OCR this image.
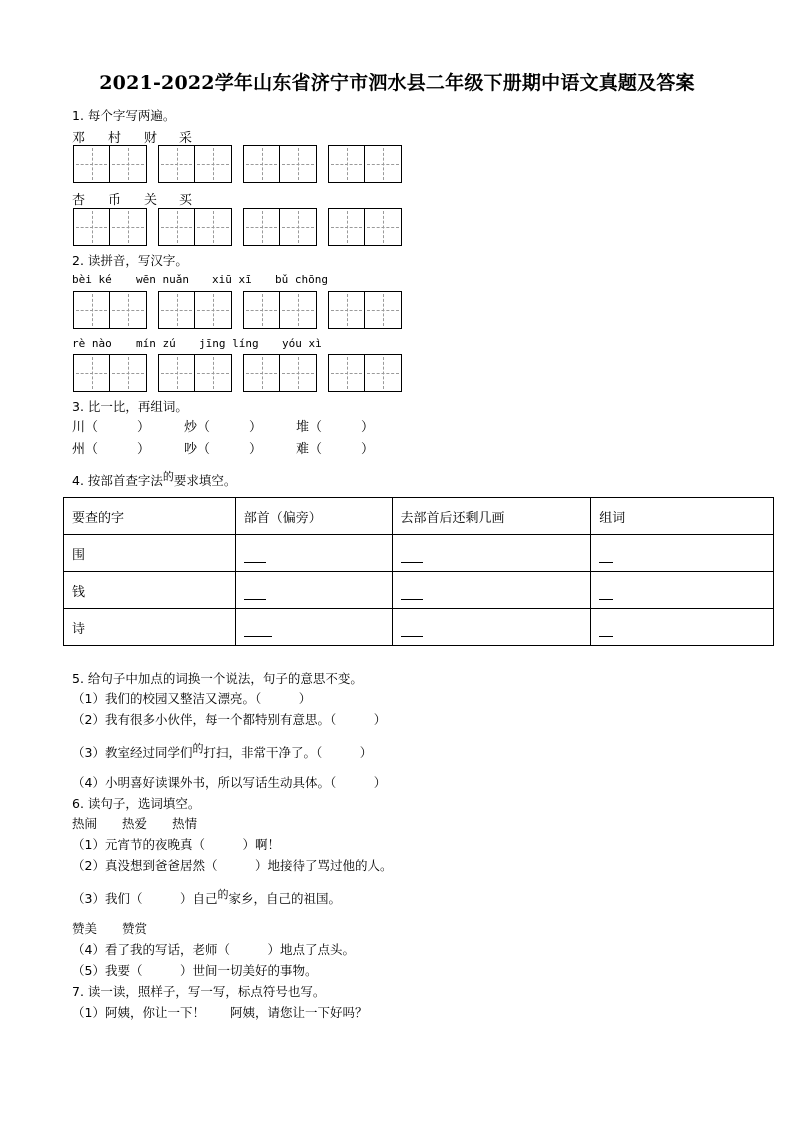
2021-2022学年山东省济宁市泗水县二年级下册期中语文真题及答案
1. 每个字写两遍。
邓	村	财	采
杏	币	关	买
2. 读拼音，写汉字。
bèi ké wēn nuǎn xiū xī bǔ chōng
rè nào mín zú jīng líng yóu xì
3. 比一比，再组词。
川（　　　）	炒（　　　）	堆（　　　）
州（　　　）	吵（　　　）	难（　　　）
4. 按部首查字法的要求填空。
要查的字	部首（偏旁）	去部首后还剩几画	组词
围			
钱			
诗			
5. 给句子中加点的词换一个说法，句子的意思不变。
（1）我们的校园又整洁又漂亮。（　　　）
（2）我有很多小伙伴，每一个都特别有意思。（　　　）
（3）教室经过同学们的打扫，非常干净了。（　　　）
（4）小明喜好读课外书，所以写话生动具体。（　　　）
6. 读句子，选词填空。
热闹　　 热爱　　 热情
（1）元宵节的夜晚真（　　　）啊！
（2）真没想到爸爸居然（　　　）地接待了骂过他的人。
（3）我们（　　　）自己的家乡，自己的祖国。
赞美　　 赞赏
（4）看了我的写话，老师（　　　）地点了点头。
（5）我要（　　　）世间一切美好的事物。
7. 读一读，照样子，写一写，标点符号也写。
（1）阿姨，你让一下！　　 阿姨，请您让一下好吗？
